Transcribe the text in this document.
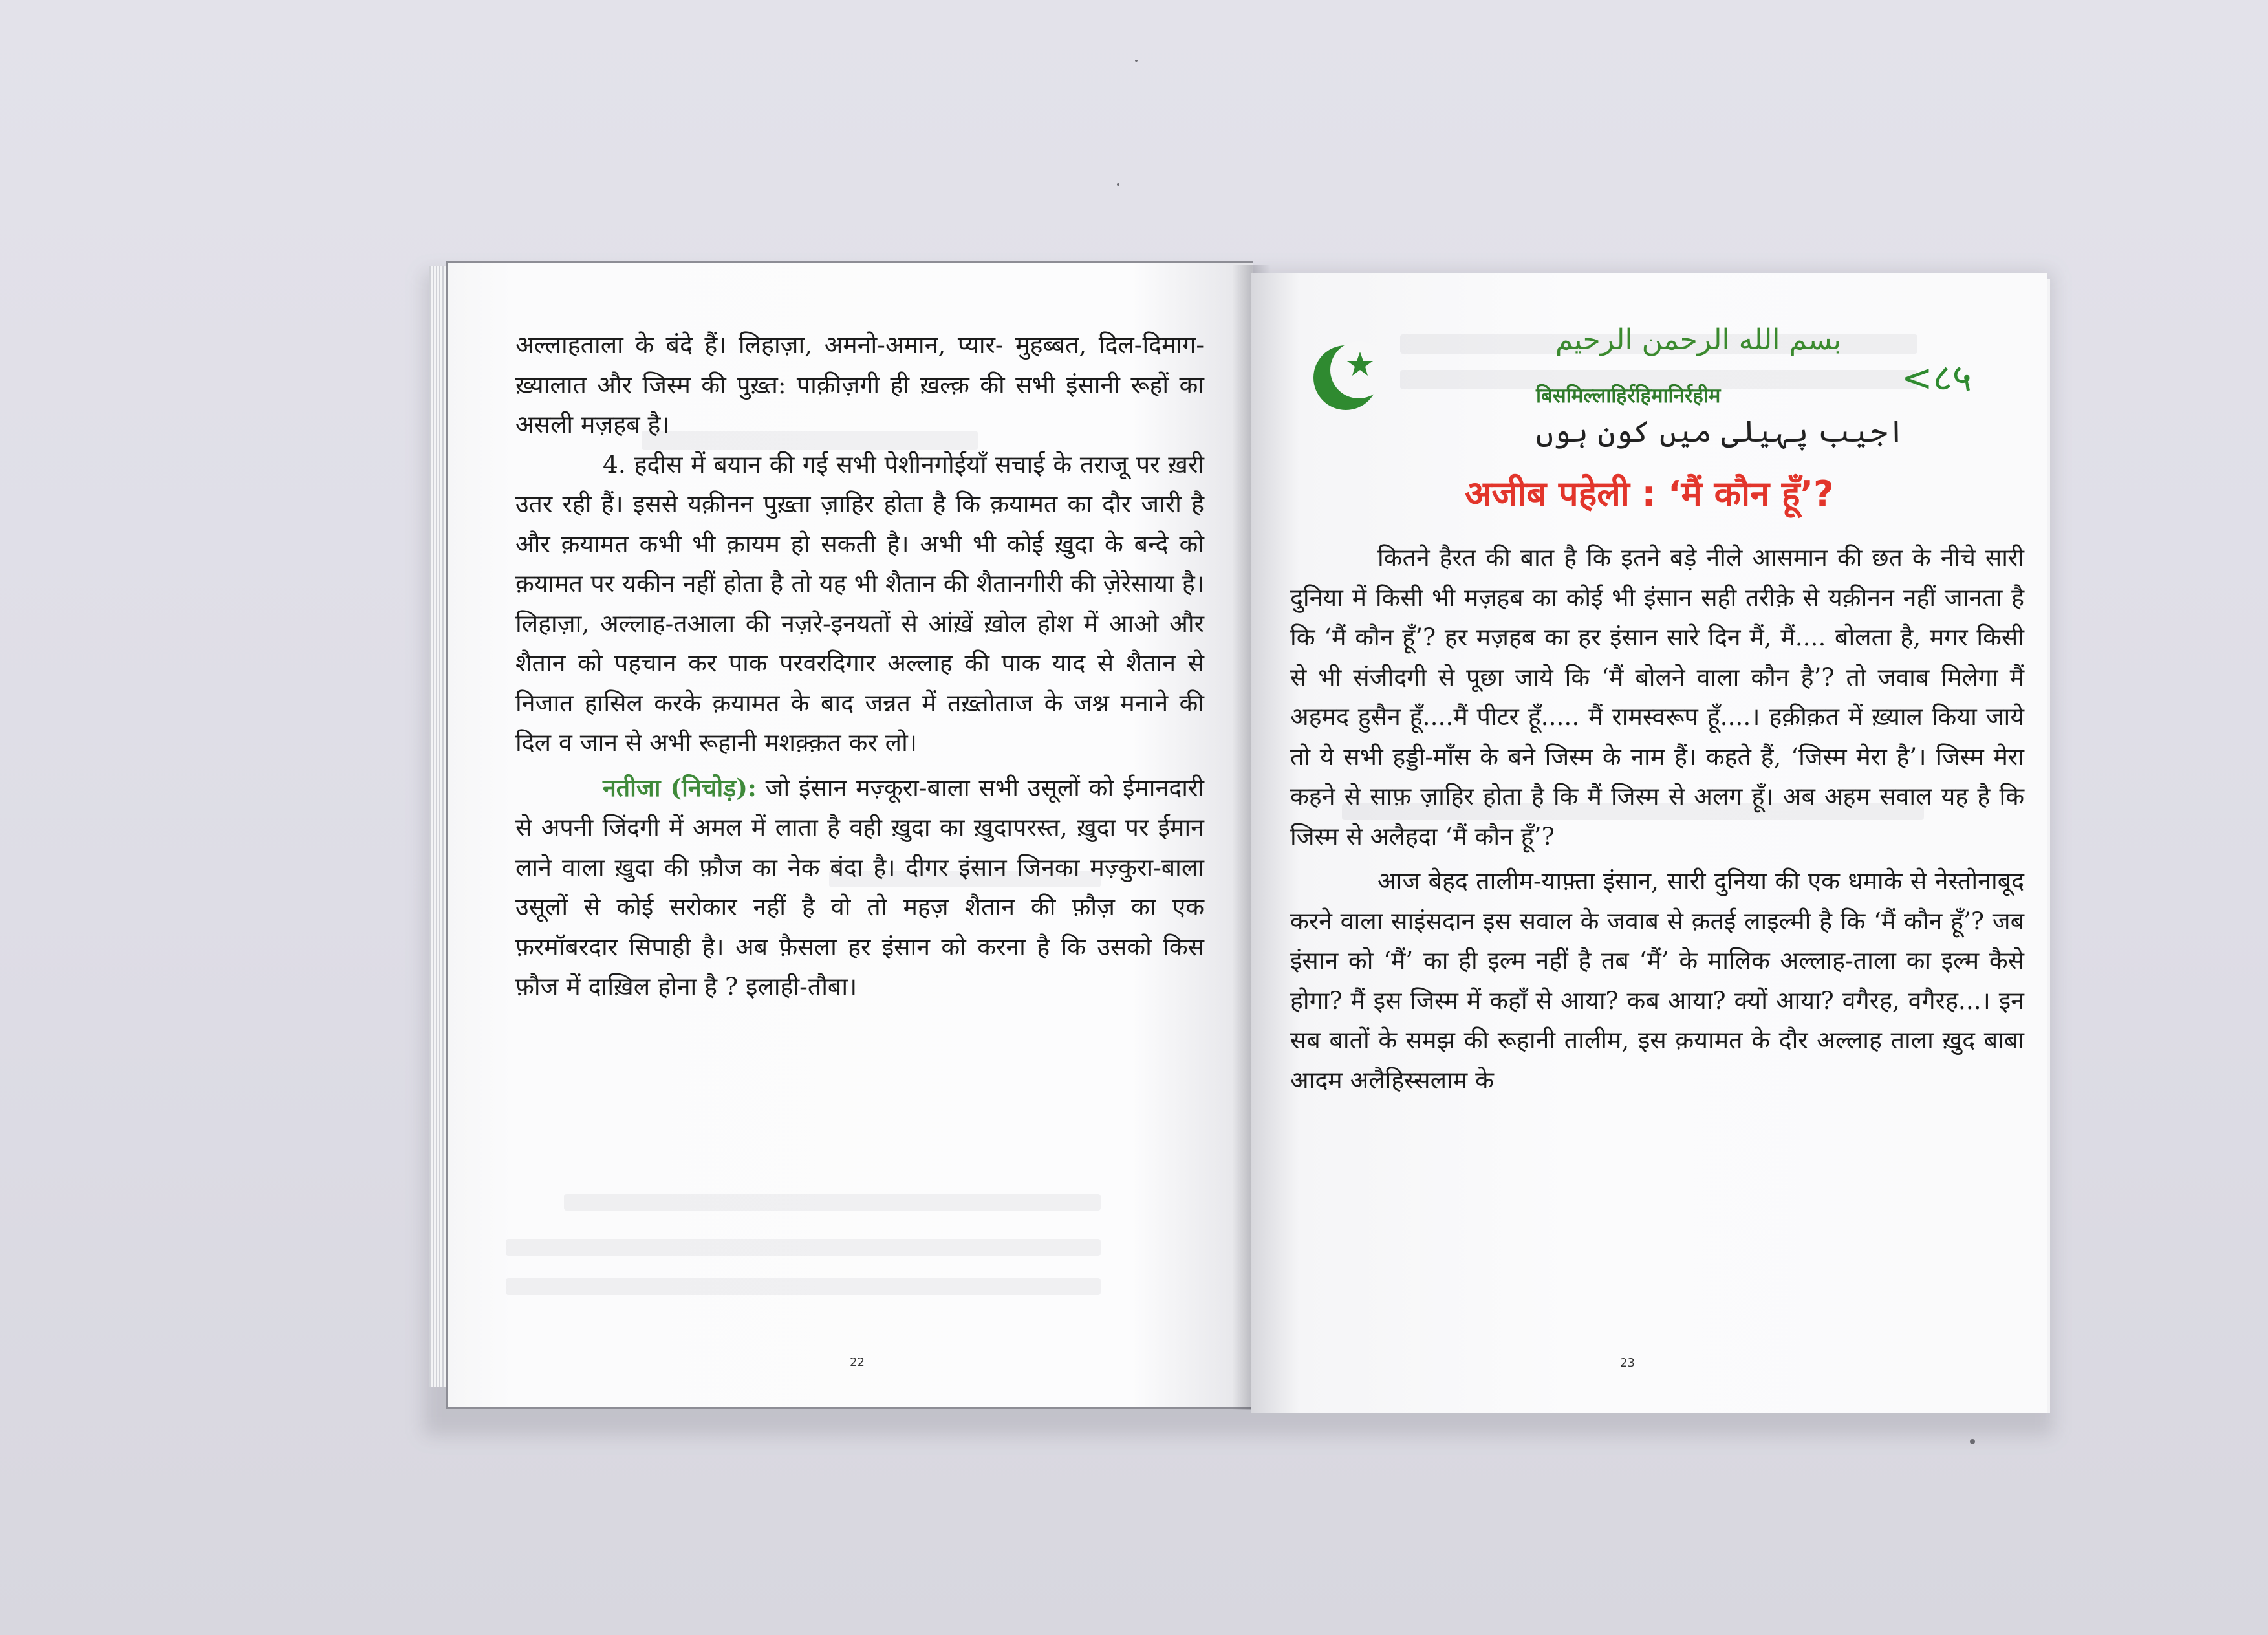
अल्लाहताला के बंदे हैं। लिहाज़ा, अमनो-अमान, प्यार- मुहब्बत, दिल-दिमाग-ख़्यालात और जिस्म की पुख़्त: पाक़ीज़गी ही ख़ल्क़ की सभी इंसानी रूहों का असली मज़हब है।

4. हदीस में बयान की गई सभी पेशीनगोईयाँ सचाई के तराजू पर ख़री उतर रही हैं। इससे यक़ीनन पुख़्ता ज़ाहिर होता है कि क़यामत का दौर जारी है और क़यामत कभी भी क़ायम हो सकती है। अभी भी कोई ख़ुदा के बन्दे को क़यामत पर यकीन नहीं होता है तो यह भी शैतान की शैतानगीरी की ज़ेरेसाया है। लिहाज़ा, अल्लाह-तआला की नज़रे-इनयतों से आंख़ें ख़ोल होश में आओ और शैतान को पहचान कर पाक परवरदिगार अल्लाह की पाक याद से शैतान से निजात हासिल करके क़यामत के बाद जन्नत में तख़्तोताज के जश्न मनाने की दिल व जान से अभी रूहानी मशक़्क़त कर लो।

नतीजा (निचोड़): जो इंसान मज़्कूरा-बाला सभी उसूलों को ईमानदारी से अपनी जिंदगी में अमल में लाता है वही ख़ुदा का ख़ुदापरस्त, ख़ुदा पर ईमान लाने वाला ख़ुदा की फ़ौज का नेक बंदा है। दीगर इंसान जिनका मज़्कुरा-बाला उसूलों से कोई सरोकार नहीं है वो तो महज़ शैतान की फ़ौज़ का एक फ़रमॉबरदार सिपाही है। अब फ़ैसला हर इंसान को करना है कि उसको किस फ़ौज में दाख़िल होना है ? इलाही-तौबा।

22
بسم الله الرحمن الرحيم
बिसमिल्लाहिर्रहिमानिर्रहीम
اجیب پہیلی میں کون ہوں
अजीब पहेली : ‘मैं कौन हूँ’?
<८५

कितने हैरत की बात है कि इतने बड़े नीले आसमान की छत के नीचे सारी दुनिया में किसी भी मज़हब का कोई भी इंसान सही तरीक़े से यक़ीनन नहीं जानता है कि ‘मैं कौन हूँ’? हर मज़हब का हर इंसान सारे दिन मैं, मैं.... बोलता है, मगर किसी से भी संजीदगी से पूछा जाये कि ‘मैं बोलने वाला कौन है’? तो जवाब मिलेगा मैं अहमद हुसैन हूँ....मैं पीटर हूँ..... मैं रामस्वरूप हूँ....। हक़ीक़त में ख़्याल किया जाये तो ये सभी हड्डी-माँस के बने जिस्म के नाम हैं। कहते हैं, ‘जिस्म मेरा है’। जिस्म मेरा कहने से साफ़ ज़ाहिर होता है कि मैं जिस्म से अलग हूँ। अब अहम सवाल यह है कि जिस्म से अलैहदा ‘मैं कौन हूँ’?

आज बेहद तालीम-याफ़्ता इंसान, सारी दुनिया की एक धमाके से नेस्तोनाबूद करने वाला साइंसदान इस सवाल के जवाब से क़तई लाइल्मी है कि ‘मैं कौन हूँ’? जब इंसान को ‘मैं’ का ही इल्म नहीं है तब ‘मैं’ के मालिक अल्लाह-ताला का इल्म कैसे होगा? मैं इस जिस्म में कहाँ से आया? कब आया? क्यों आया? वगैरह, वगैरह...। इन सब बातों के समझ की रूहानी तालीम, इस क़यामत के दौर अल्लाह ताला ख़ुद बाबा आदम अलैहिस्सलाम के

23
